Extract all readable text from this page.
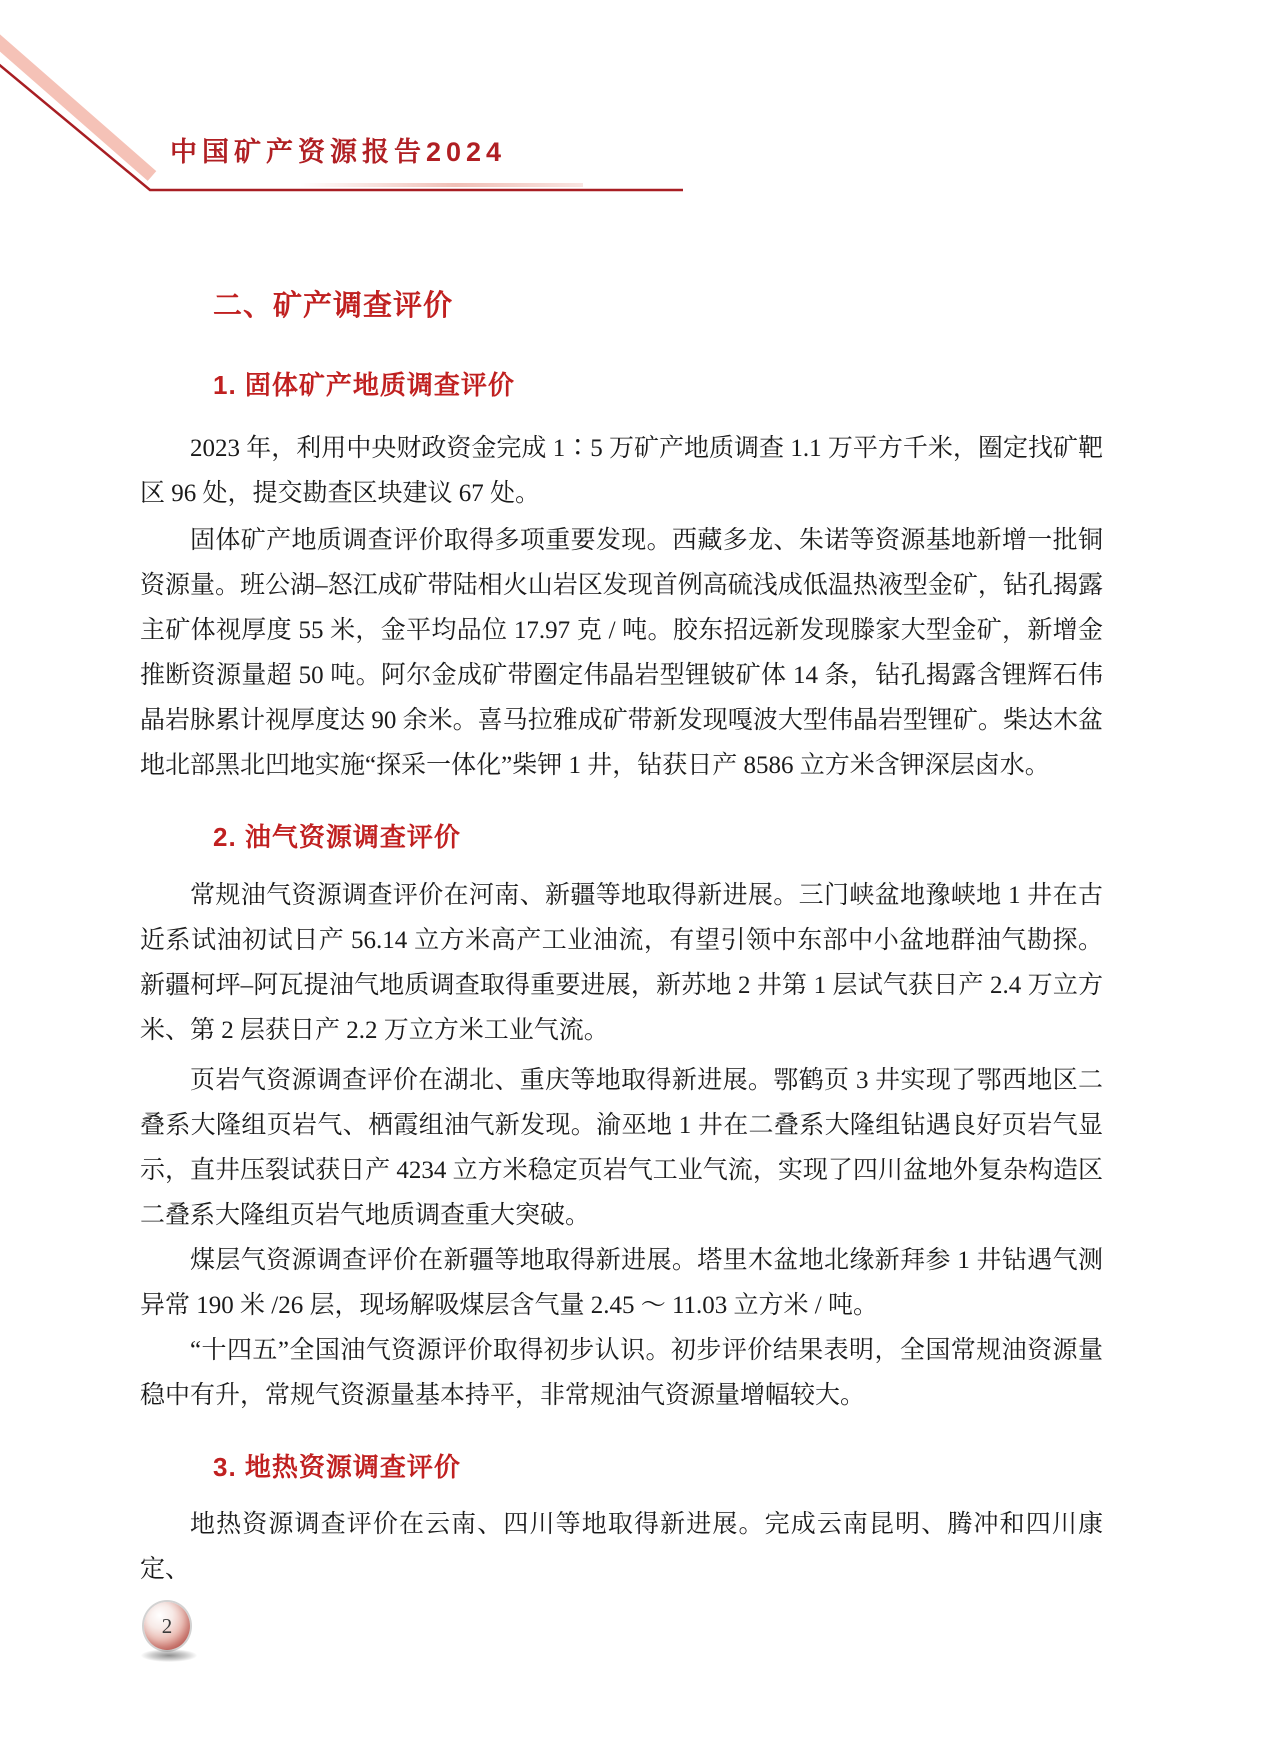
中国矿产资源报告2024
二、矿产调查评价
1. 固体矿产地质调查评价

2023 年，利用中央财政资金完成 1∶5 万矿产地质调查 1.1 万平方千米，圈定找矿靶区 96 处，提交勘查区块建议 67 处。

固体矿产地质调查评价取得多项重要发现。西藏多龙、朱诺等资源基地新增一批铜资源量。班公湖–怒江成矿带陆相火山岩区发现首例高硫浅成低温热液型金矿，钻孔揭露主矿体视厚度 55 米，金平均品位 17.97 克 / 吨。胶东招远新发现滕家大型金矿，新增金推断资源量超 50 吨。阿尔金成矿带圈定伟晶岩型锂铍矿体 14 条，钻孔揭露含锂辉石伟晶岩脉累计视厚度达 90 余米。喜马拉雅成矿带新发现嘎波大型伟晶岩型锂矿。柴达木盆地北部黑北凹地实施“探采一体化”柴钾 1 井，钻获日产 8586 立方米含钾深层卤水。

2. 油气资源调查评价

常规油气资源调查评价在河南、新疆等地取得新进展。三门峡盆地豫峡地 1 井在古近系试油初试日产 56.14 立方米高产工业油流，有望引领中东部中小盆地群油气勘探。新疆柯坪–阿瓦提油气地质调查取得重要进展，新苏地 2 井第 1 层试气获日产 2.4 万立方米、第 2 层获日产 2.2 万立方米工业气流。

页岩气资源调查评价在湖北、重庆等地取得新进展。鄂鹤页 3 井实现了鄂西地区二叠系大隆组页岩气、栖霞组油气新发现。渝巫地 1 井在二叠系大隆组钻遇良好页岩气显示，直井压裂试获日产 4234 立方米稳定页岩气工业气流，实现了四川盆地外复杂构造区二叠系大隆组页岩气地质调查重大突破。

煤层气资源调查评价在新疆等地取得新进展。塔里木盆地北缘新拜参 1 井钻遇气测异常 190 米 /26 层，现场解吸煤层含气量 2.45 ～ 11.03 立方米 / 吨。

“十四五”全国油气资源评价取得初步认识。初步评价结果表明，全国常规油资源量稳中有升，常规气资源量基本持平，非常规油气资源量增幅较大。

3. 地热资源调查评价

地热资源调查评价在云南、四川等地取得新进展。完成云南昆明、腾冲和四川康定、

2
